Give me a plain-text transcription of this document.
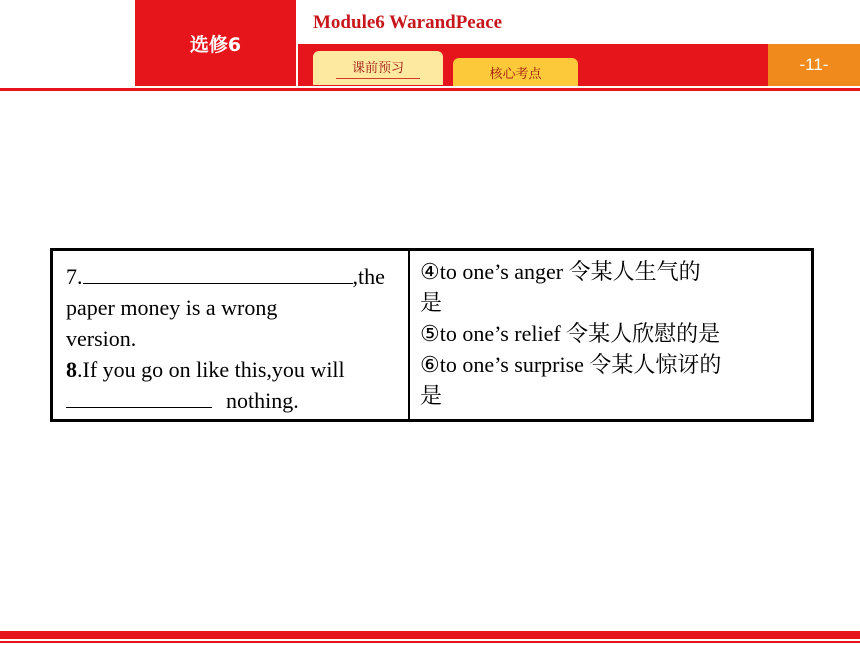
选修6
Module6 WarandPeace
-11-
课前预习	核心考点
7.	,the
paper money is a wrong
version.
8.If you go on like this,you will
nothing.
④to one’s anger 令某人生气的
是
⑤to one’s relief 令某人欣慰的是
⑥to one’s surprise 令某人惊讶的
是
